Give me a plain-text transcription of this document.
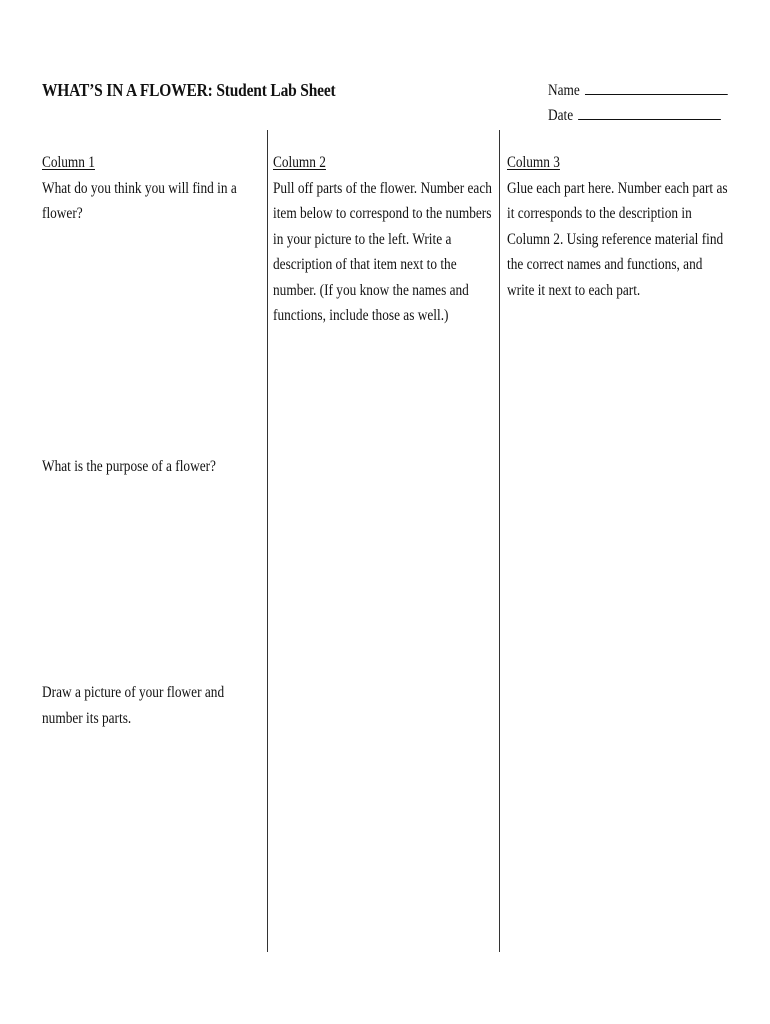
WHAT’S IN A FLOWER: Student Lab Sheet	Name
Date
Column 1

What do you think you will find in a flower?

Column 2

Pull off parts of the flower. Number each item below to correspond to the numbers in your picture to the left. Write a description of that item next to the number. (If you know the names and functions, include those as well.)

Column 3

Glue each part here. Number each part as it corresponds to the description in Column 2. Using reference material find the correct names and functions, and write it next to each part.

What is the purpose of a flower?
Draw a picture of your flower and number its parts.
